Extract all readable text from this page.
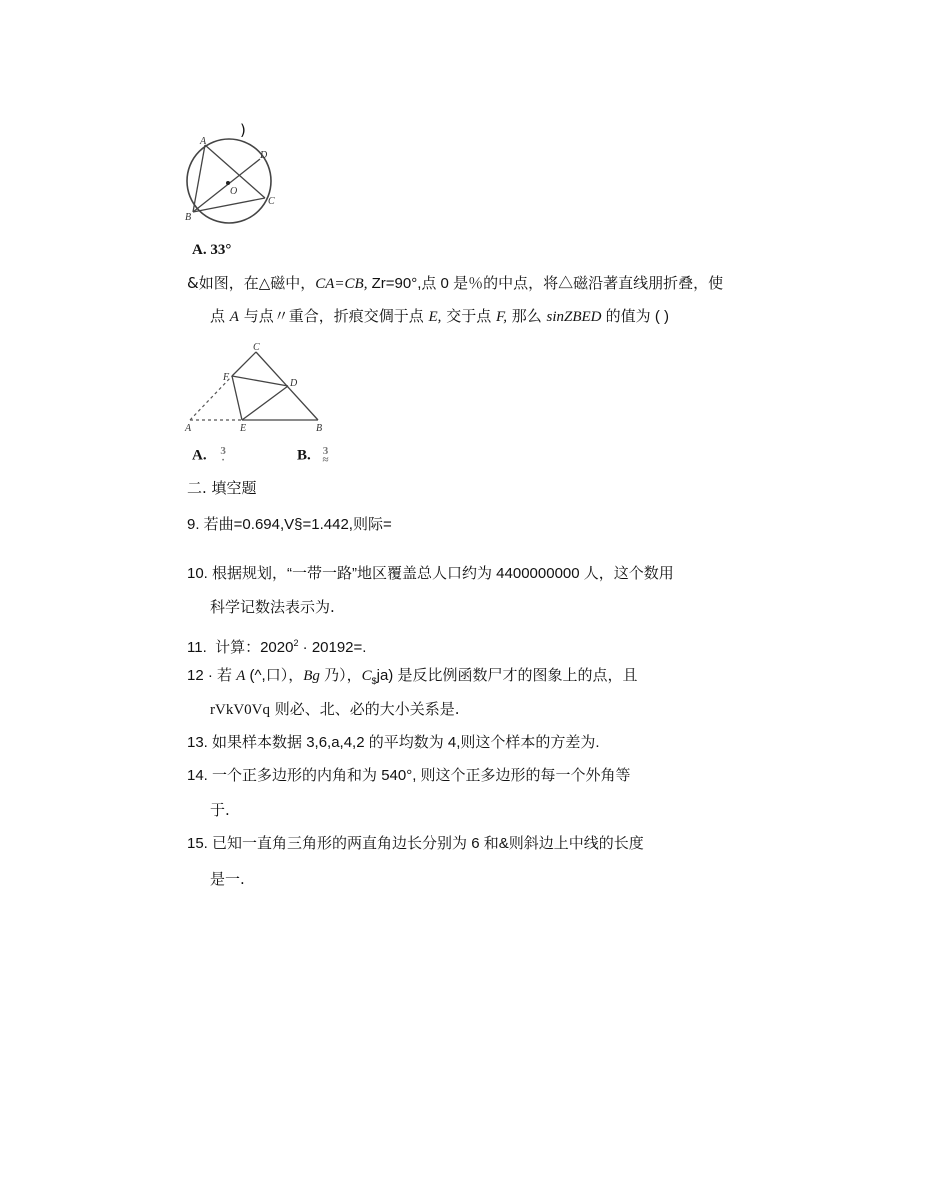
)
A
D
O
C
B
A. 33°
&如图，在△磁中，CA=CB, Zr=90°,点 0 是％的中点，将△磁沿著直线朋折叠，使
点 A 与点〃重合，折痕交倜于点 E, 交于点 F, 那么 sinZBED 的值为 ( )
C
F
D
A	E	B
A. 3
·	B. 3
≈
二. 填空题
9. 若曲=0.694,V§=1.442,则际=
10. 根据规划，“一带一路”地区覆盖总人口约为 4400000000 人，这个数用
科学记数法表示为.
11. 计算：$2020^2 \cdot 20192=$.
12 · 若 A (^,口），Bg 乃），$C_{\$}ja$) 是反比例函数尸才的图象上的点，且
rVkV0Vq 则必、北、必的大小关系是.
13. 如果样本数据 3,6,a,4,2 的平均数为 4,则这个样本的方差为.
14. 一个正多边形的内角和为 540°, 则这个正多边形的每一个外角等
于.
15. 已知一直角三角形的两直角边长分别为 6 和&则斜边上中线的长度
是一.
